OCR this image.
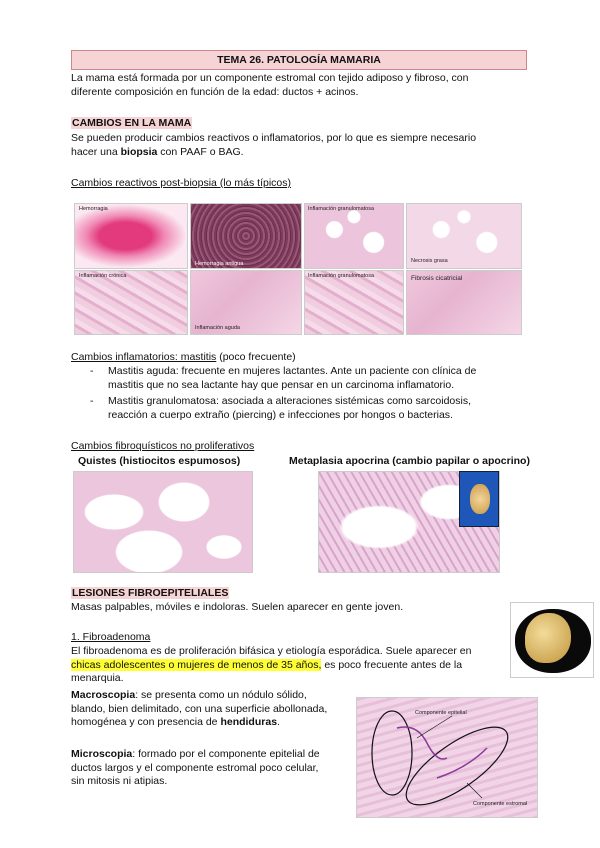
TEMA 26. PATOLOGÍA MAMARIA
La mama está formada por un componente estromal con tejido adiposo y fibroso, con
diferente composición en función de la edad: ductos + acinos.
CAMBIOS EN LA MAMA
Se pueden producir cambios reactivos o inflamatorios, por lo que es siempre necesario
hacer una biopsia con PAAF o BAG.
Cambios reactivos post-biopsia (lo más típicos)
Hemorragia
Hemorragia antigua
Inflamación granulomatosa
Necrosis grasa
Inflamación crónica
Inflamación aguda
Inflamación granulomatosa	Fibrosis cicatricial
Cambios inflamatorios: mastitis (poco frecuente)
- Mastitis aguda: frecuente en mujeres lactantes. Ante un paciente con clínica de
mastitis que no sea lactante hay que pensar en un carcinoma inflamatorio.
- Mastitis granulomatosa: asociada a alteraciones sistémicas como sarcoidosis,
reacción a cuerpo extraño (piercing) e infecciones por hongos o bacterias.
Cambios fibroquísticos no proliferativos
Quistes (histiocitos espumosos)	Metaplasia apocrina (cambio papilar o apocrino)
LESIONES FIBROEPITELIALES
Masas palpables, móviles e indoloras. Suelen aparecer en gente joven.
1. Fibroadenoma
El fibroadenoma es de proliferación bifásica y etiología esporádica. Suele aparecer en
chicas adolescentes o mujeres de menos de 35 años, es poco frecuente antes de la
menarquia.
Macroscopia: se presenta como un nódulo sólido,
blando, bien delimitado, con una superficie abollonada,
homogénea y con presencia de hendiduras.
Microscopia: formado por el componente epitelial de
ductos largos y el componente estromal poco celular,
sin mitosis ni atipias.
Componente epitelial
Componente estromal
